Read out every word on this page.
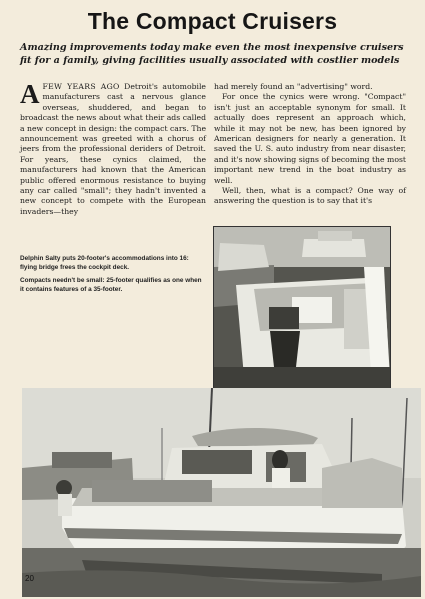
The Compact Cruisers
Amazing improvements today make even the most inexpensive cruisers fit for a family, giving facilities usually associated with costlier models

AFEW YEARS AGO Detroit's automobile manufacturers cast a nervous glance overseas, shuddered, and began to broadcast the news about what their ads called a new concept in design: the compact cars. The announcement was greeted with a chorus of jeers from the professional deriders of Detroit. For years, these cynics claimed, the manufacturers had known that the American public offered enormous resistance to buying any car called "small"; they hadn't invented a new concept to compete with the European invaders—they

had merely found an "advertising" word.

For once the cynics were wrong. "Compact" isn't just an acceptable synonym for small. It actually does represent an approach which, while it may not be new, has been ignored by American designers for nearly a generation. It saved the U. S. auto industry from near disaster, and it's now showing signs of becoming the most important new trend in the boat industry as well.

Well, then, what is a compact? One way of answering the question is to say that it's

Delphin Salty puts 20-footer's accommodations into 16: flying bridge frees the cockpit deck.
Compacts needn't be small: 25-footer qualifies as one when it contains features of a 35-footer.
20
